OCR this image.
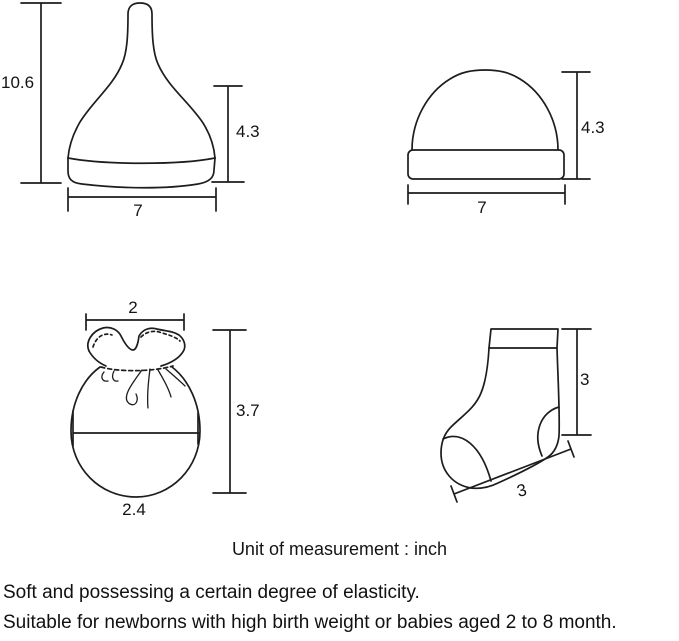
10.6
4.3
7
4.3
7
2
3.7
2.4
3
3
Unit of measurement : inch
Soft and possessing a certain degree of elasticity.
Suitable for newborns with high birth weight or babies aged 2 to 8 month.
